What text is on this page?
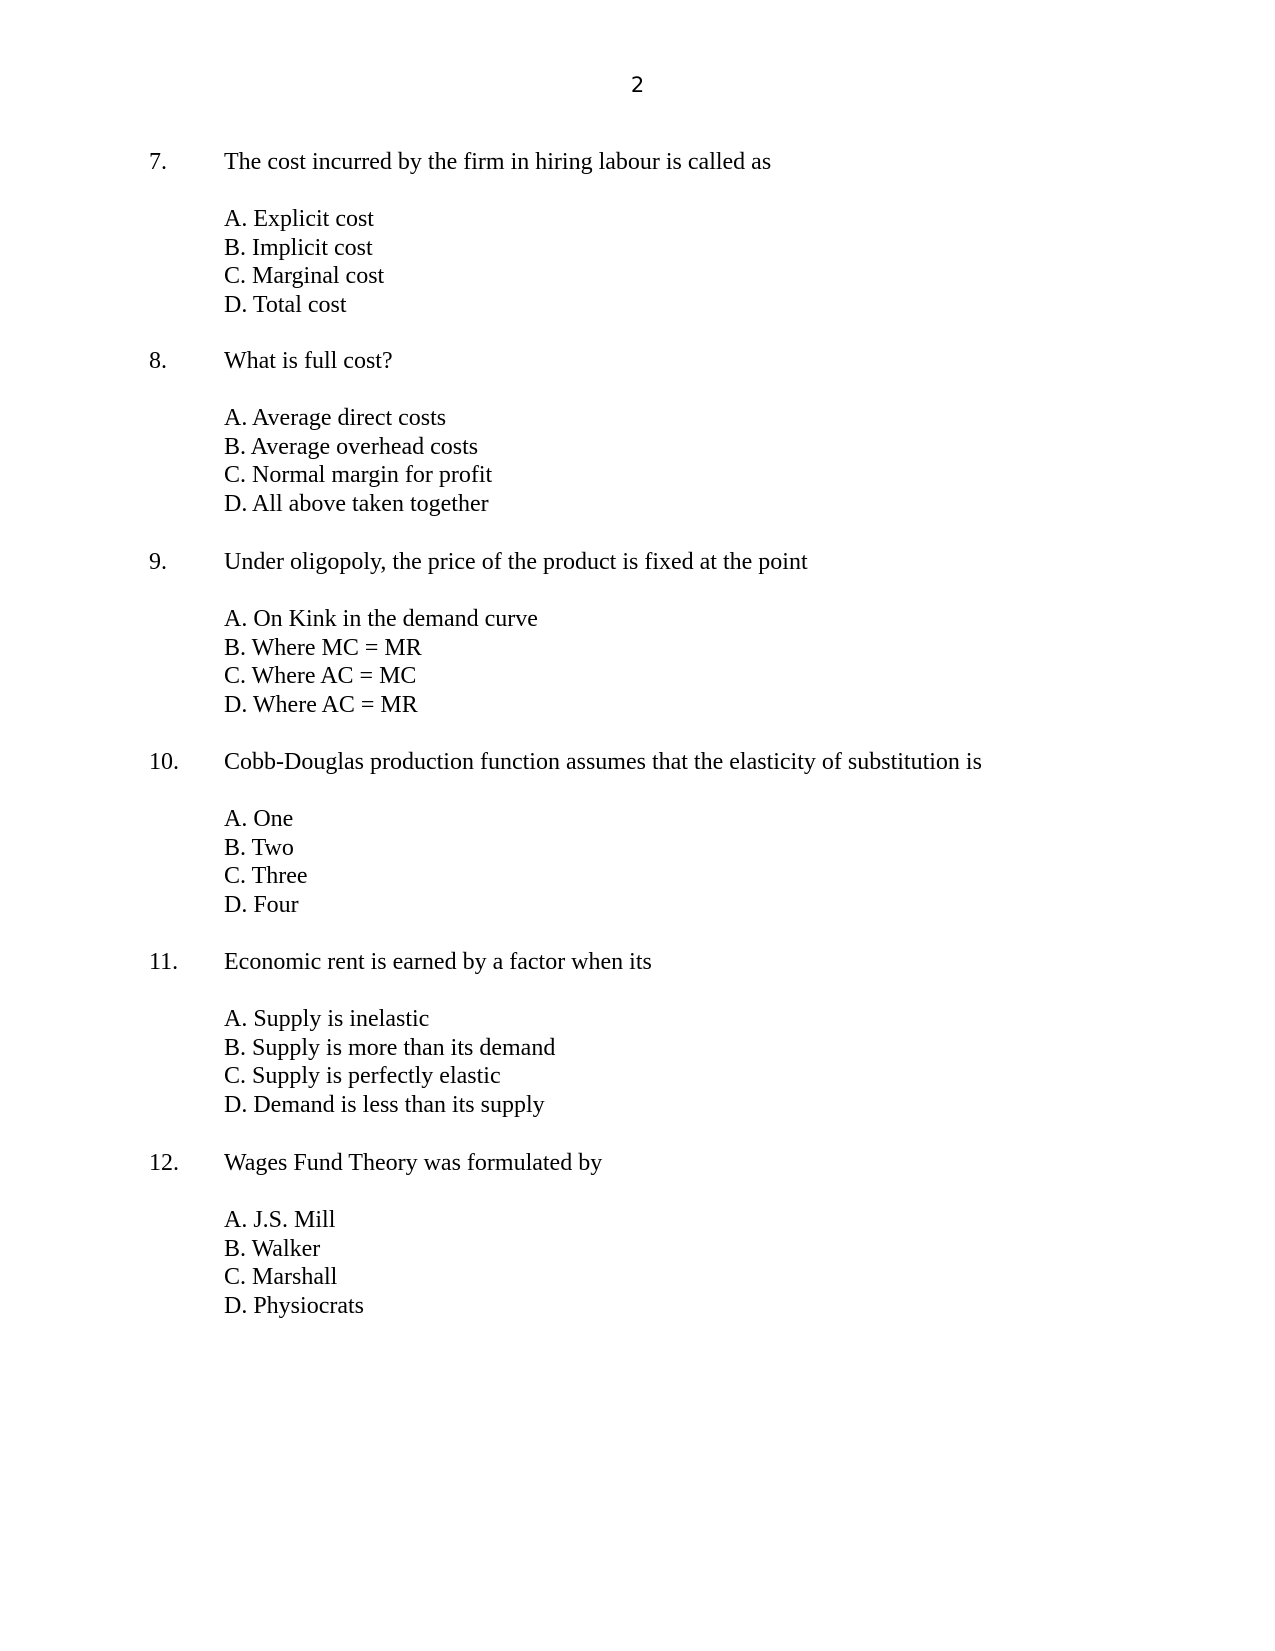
2
7. The cost incurred by the firm in hiring labour is called as
A. Explicit cost
B. Implicit cost
C. Marginal cost
D. Total cost
8. What is full cost?
A. Average direct costs
B. Average overhead costs
C. Normal margin for profit
D. All above taken together
9. Under oligopoly, the price of the product is fixed at the point
A. On Kink in the demand curve
B. Where MC = MR
C. Where AC = MC
D. Where AC = MR
10. Cobb-Douglas production function assumes that the elasticity of substitution is
A. One
B. Two
C. Three
D. Four
11. Economic rent is earned by a factor when its
A. Supply is inelastic
B. Supply is more than its demand
C. Supply is perfectly elastic
D. Demand is less than its supply
12. Wages Fund Theory was formulated by
A. J.S. Mill
B. Walker
C. Marshall
D. Physiocrats
